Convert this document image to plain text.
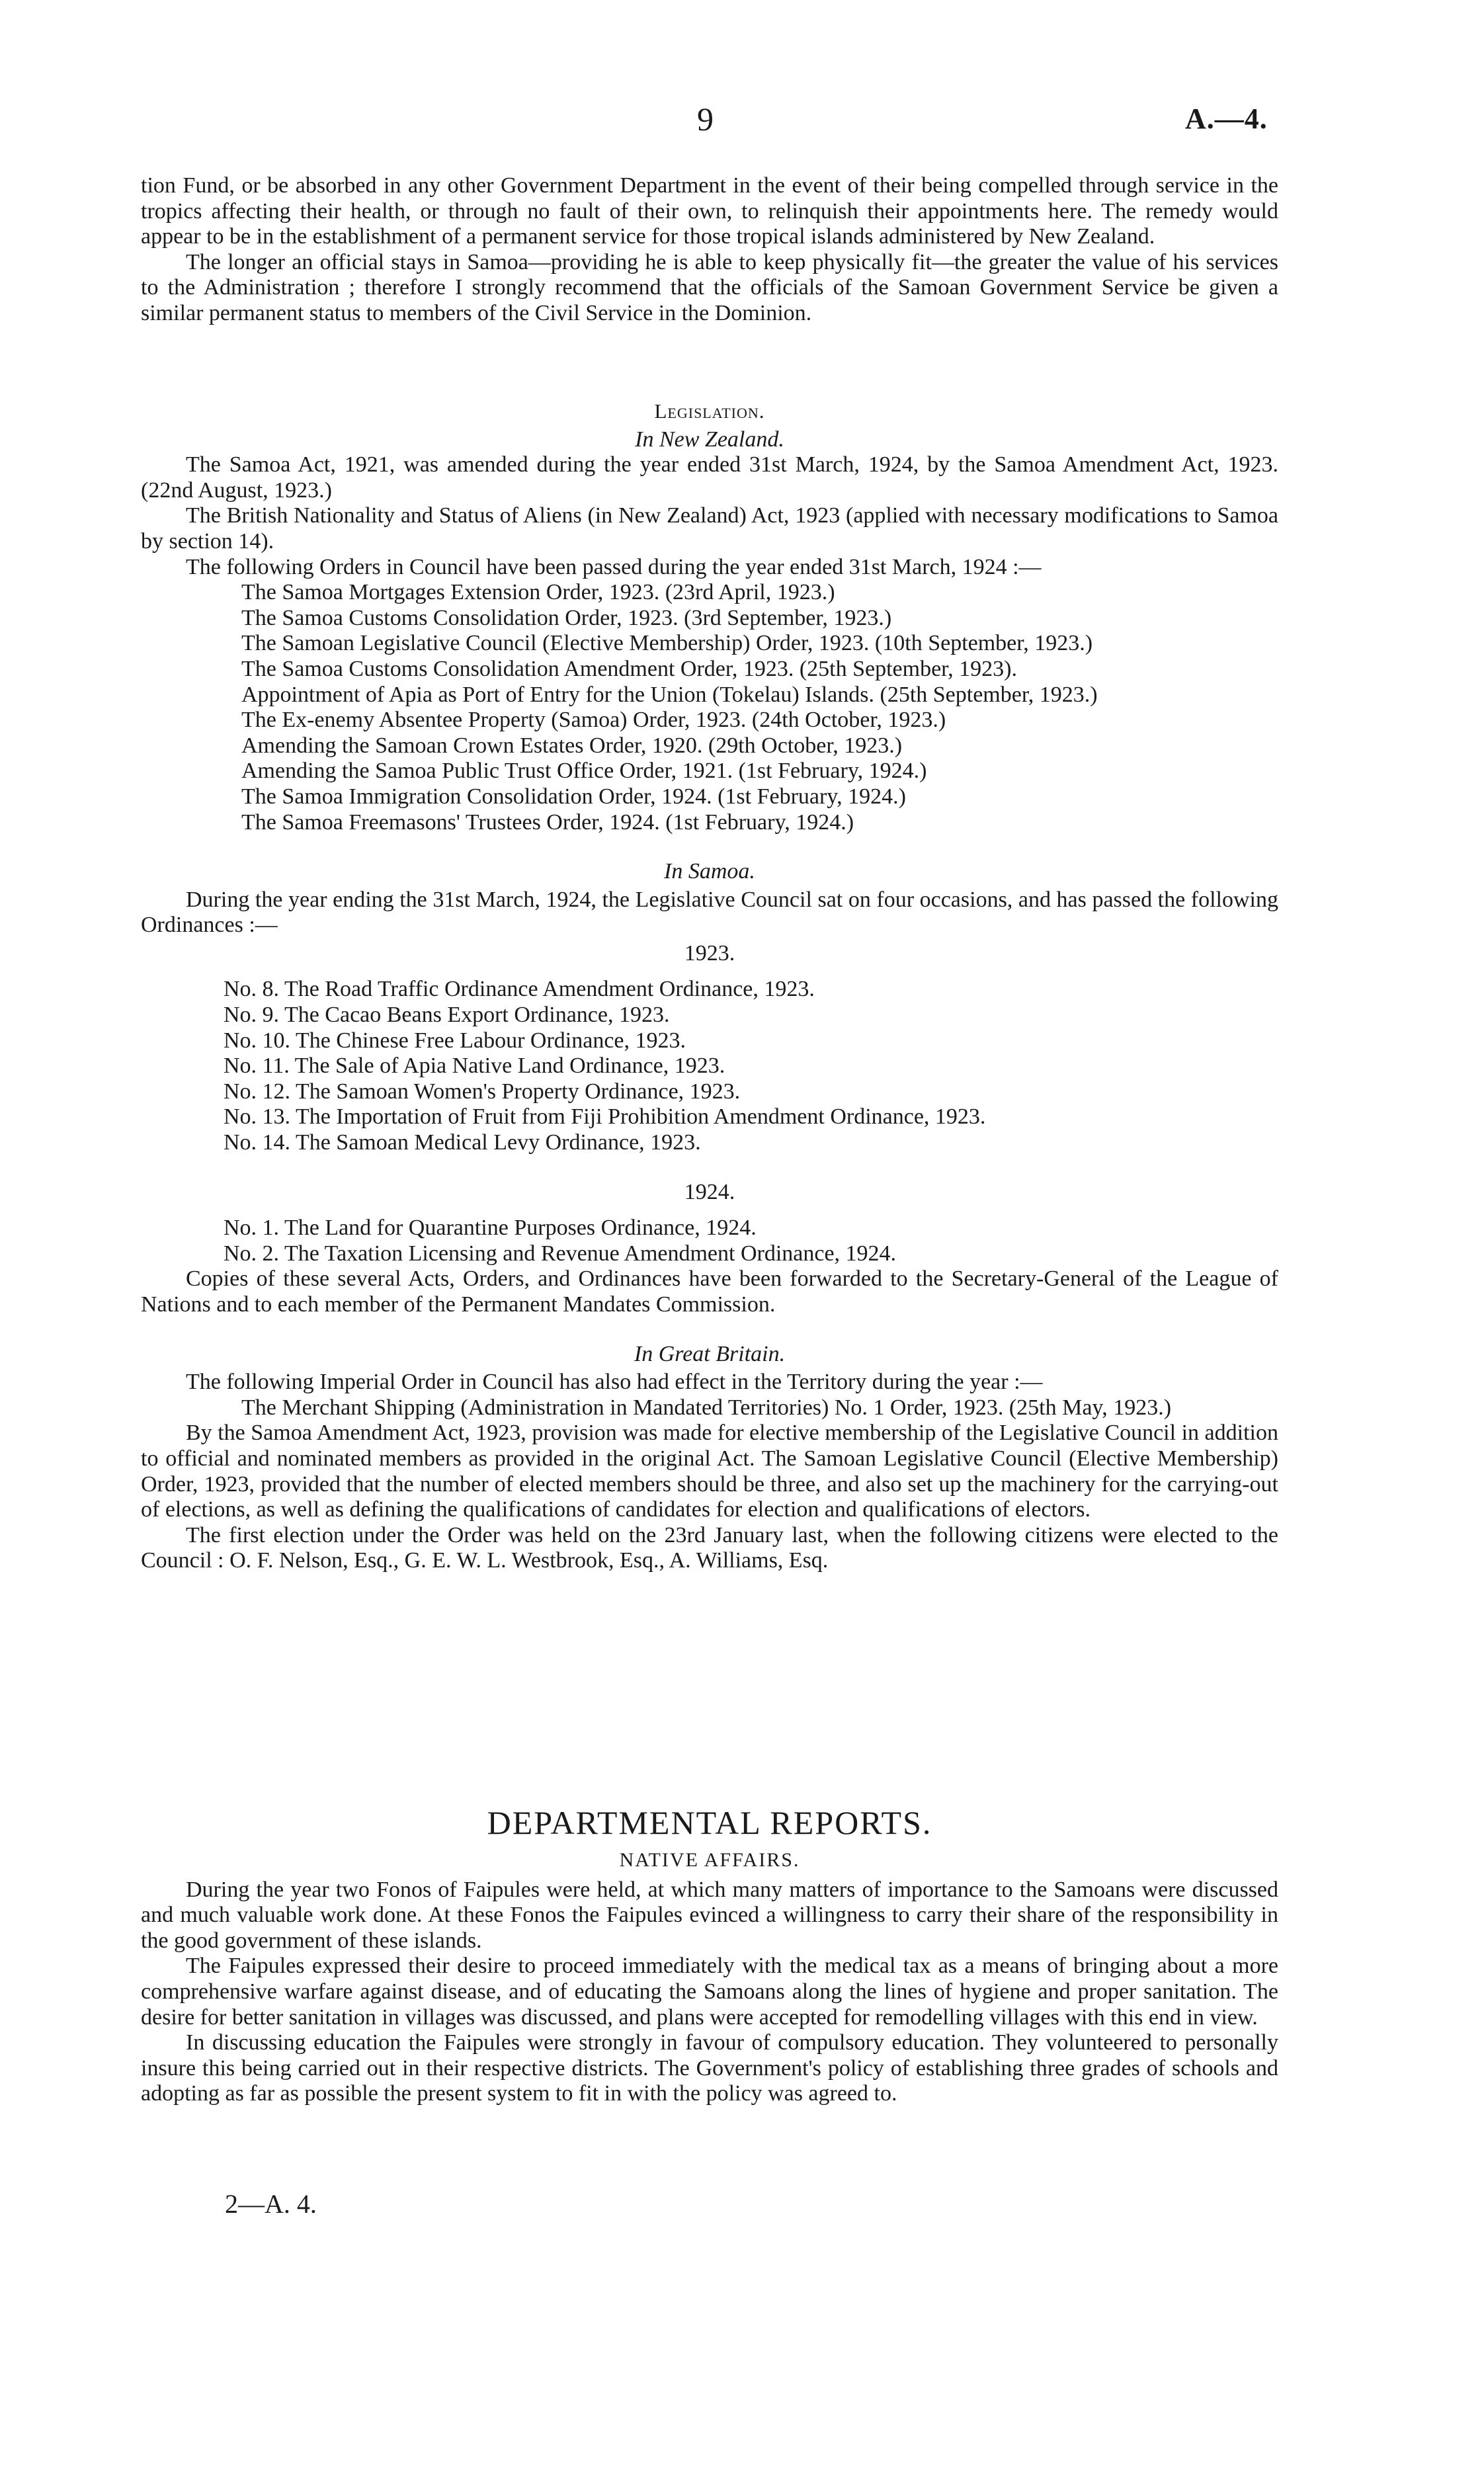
9	A.—4.

tion Fund, or be absorbed in any other Government Department in the event of their being compelled through service in the tropics affecting their health, or through no fault of their own, to relinquish their appointments here. The remedy would appear to be in the establishment of a permanent service for those tropical islands administered by New Zealand.

The longer an official stays in Samoa—providing he is able to keep physically fit—the greater the value of his services to the Administration ; therefore I strongly recommend that the officials of the Samoan Government Service be given a similar permanent status to members of the Civil Service in the Dominion.

Legislation.
In New Zealand.

The Samoa Act, 1921, was amended during the year ended 31st March, 1924, by the Samoa Amendment Act, 1923. (22nd August, 1923.)

The British Nationality and Status of Aliens (in New Zealand) Act, 1923 (applied with necessary modifications to Samoa by section 14).

The following Orders in Council have been passed during the year ended 31st March, 1924 :—

The Samoa Mortgages Extension Order, 1923. (23rd April, 1923.)
The Samoa Customs Consolidation Order, 1923. (3rd September, 1923.)
The Samoan Legislative Council (Elective Membership) Order, 1923. (10th September, 1923.)
The Samoa Customs Consolidation Amendment Order, 1923. (25th September, 1923).
Appointment of Apia as Port of Entry for the Union (Tokelau) Islands. (25th September, 1923.)
The Ex-enemy Absentee Property (Samoa) Order, 1923. (24th October, 1923.)
Amending the Samoan Crown Estates Order, 1920. (29th October, 1923.)
Amending the Samoa Public Trust Office Order, 1921. (1st February, 1924.)
The Samoa Immigration Consolidation Order, 1924. (1st February, 1924.)
The Samoa Freemasons' Trustees Order, 1924. (1st February, 1924.)
In Samoa.

During the year ending the 31st March, 1924, the Legislative Council sat on four occasions, and has passed the following Ordinances :—

1923.
No. 8. The Road Traffic Ordinance Amendment Ordinance, 1923.
No. 9. The Cacao Beans Export Ordinance, 1923.
No. 10. The Chinese Free Labour Ordinance, 1923.
No. 11. The Sale of Apia Native Land Ordinance, 1923.
No. 12. The Samoan Women's Property Ordinance, 1923.
No. 13. The Importation of Fruit from Fiji Prohibition Amendment Ordinance, 1923.
No. 14. The Samoan Medical Levy Ordinance, 1923.
1924.
No. 1. The Land for Quarantine Purposes Ordinance, 1924.
No. 2. The Taxation Licensing and Revenue Amendment Ordinance, 1924.

Copies of these several Acts, Orders, and Ordinances have been forwarded to the Secretary-General of the League of Nations and to each member of the Permanent Mandates Commission.

In Great Britain.

The following Imperial Order in Council has also had effect in the Territory during the year :—

The Merchant Shipping (Administration in Mandated Territories) No. 1 Order, 1923. (25th May, 1923.)

By the Samoa Amendment Act, 1923, provision was made for elective membership of the Legislative Council in addition to official and nominated members as provided in the original Act. The Samoan Legislative Council (Elective Membership) Order, 1923, provided that the number of elected members should be three, and also set up the machinery for the carrying-out of elections, as well as defining the qualifications of candidates for election and qualifications of electors.

The first election under the Order was held on the 23rd January last, when the following citizens were elected to the Council : O. F. Nelson, Esq., G. E. W. L. Westbrook, Esq., A. Williams, Esq.

DEPARTMENTAL REPORTS.
NATIVE AFFAIRS.

During the year two Fonos of Faipules were held, at which many matters of importance to the Samoans were discussed and much valuable work done. At these Fonos the Faipules evinced a willingness to carry their share of the responsibility in the good government of these islands.

The Faipules expressed their desire to proceed immediately with the medical tax as a means of bringing about a more comprehensive warfare against disease, and of educating the Samoans along the lines of hygiene and proper sanitation. The desire for better sanitation in villages was discussed, and plans were accepted for remodelling villages with this end in view.

In discussing education the Faipules were strongly in favour of compulsory education. They volunteered to personally insure this being carried out in their respective districts. The Government's policy of establishing three grades of schools and adopting as far as possible the present system to fit in with the policy was agreed to.

2—A. 4.
